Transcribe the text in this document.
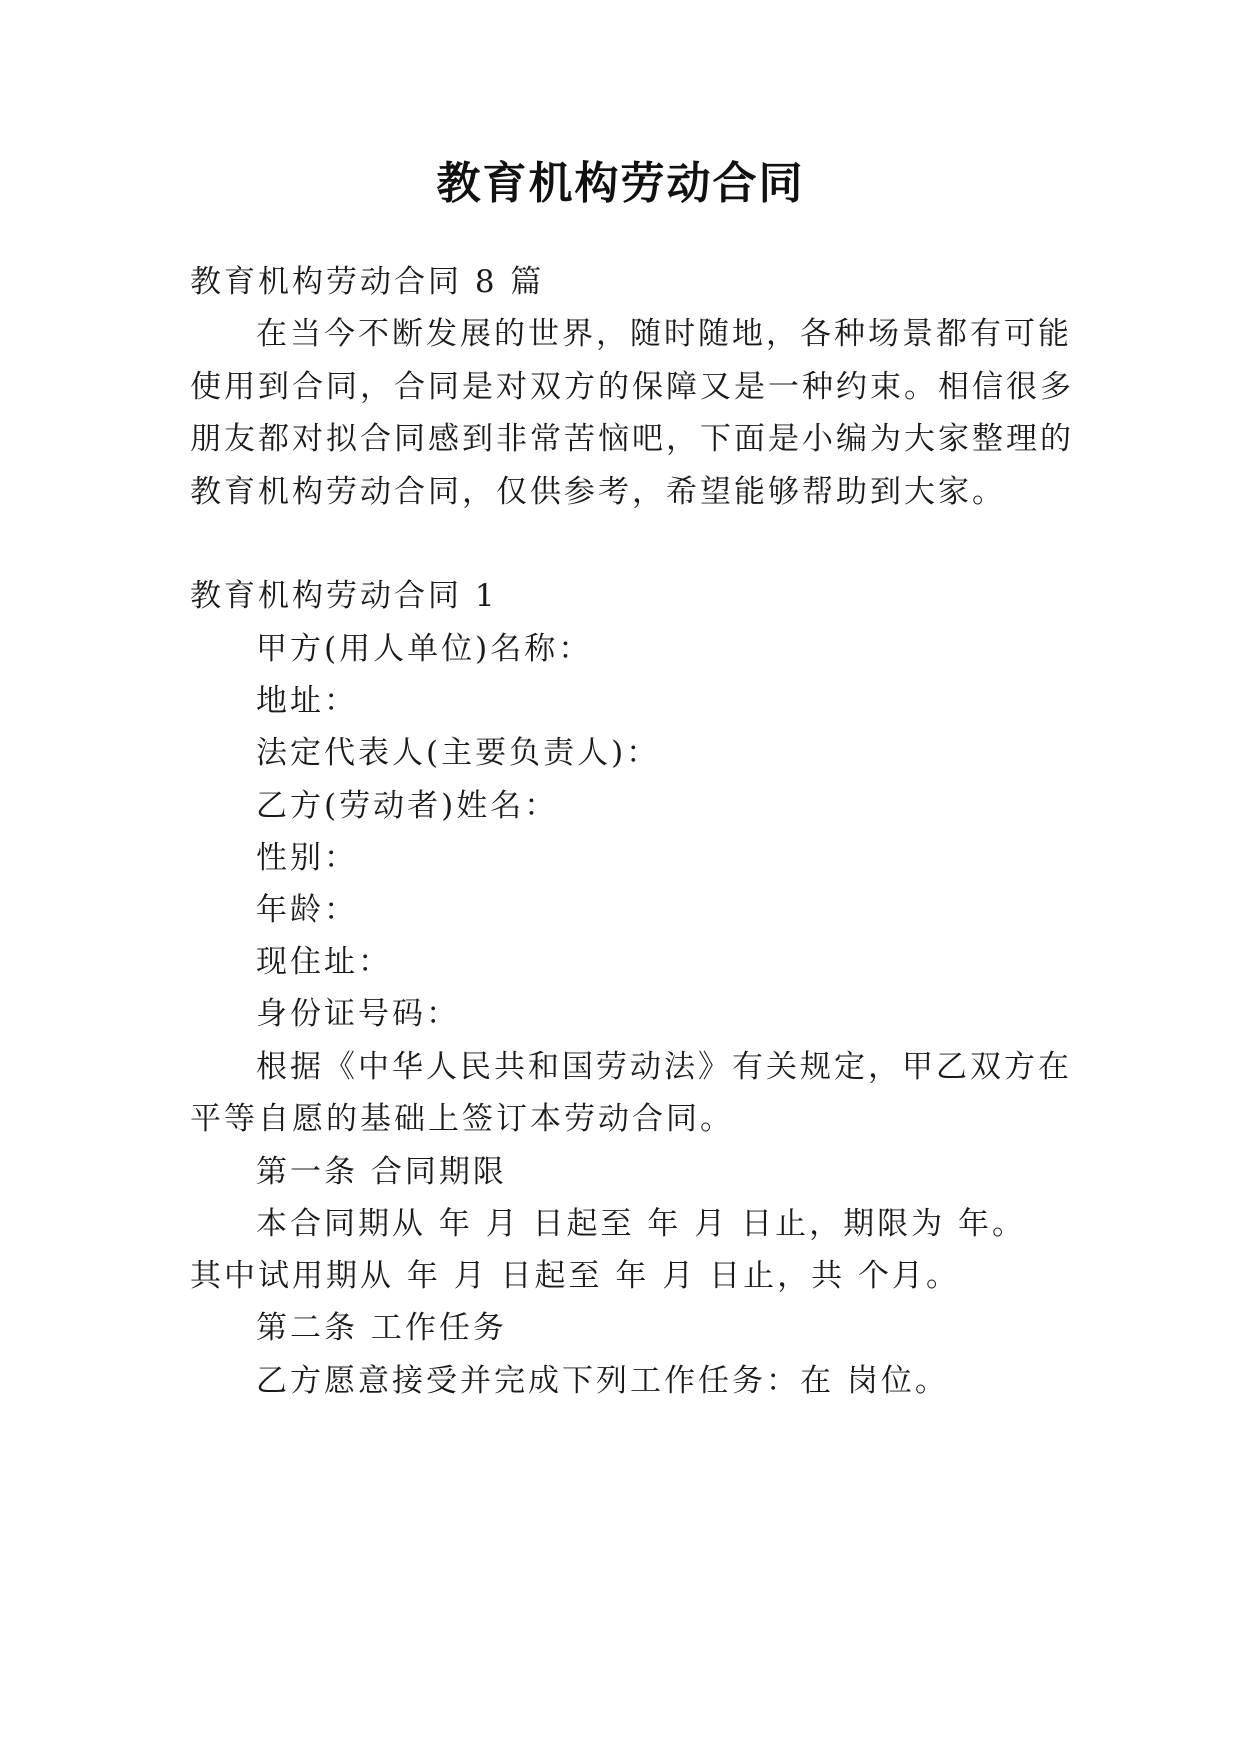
教育机构劳动合同
教育机构劳动合同 8 篇
在当今不断发展的世界，随时随地，各种场景都有可能
使用到合同，合同是对双方的保障又是一种约束。相信很多
朋友都对拟合同感到非常苦恼吧，下面是小编为大家整理的
教育机构劳动合同，仅供参考，希望能够帮助到大家。
教育机构劳动合同 1
甲方(用人单位)名称：
地址：
法定代表人(主要负责人)：
乙方(劳动者)姓名：
性别：
年龄：
现住址：
身份证号码：
根据《中华人民共和国劳动法》有关规定，甲乙双方在
平等自愿的基础上签订本劳动合同。
第一条 合同期限
本合同期从 年 月 日起至 年 月 日止，期限为 年。
其中试用期从 年 月 日起至 年 月 日止，共 个月。
第二条 工作任务
乙方愿意接受并完成下列工作任务：在 岗位。
